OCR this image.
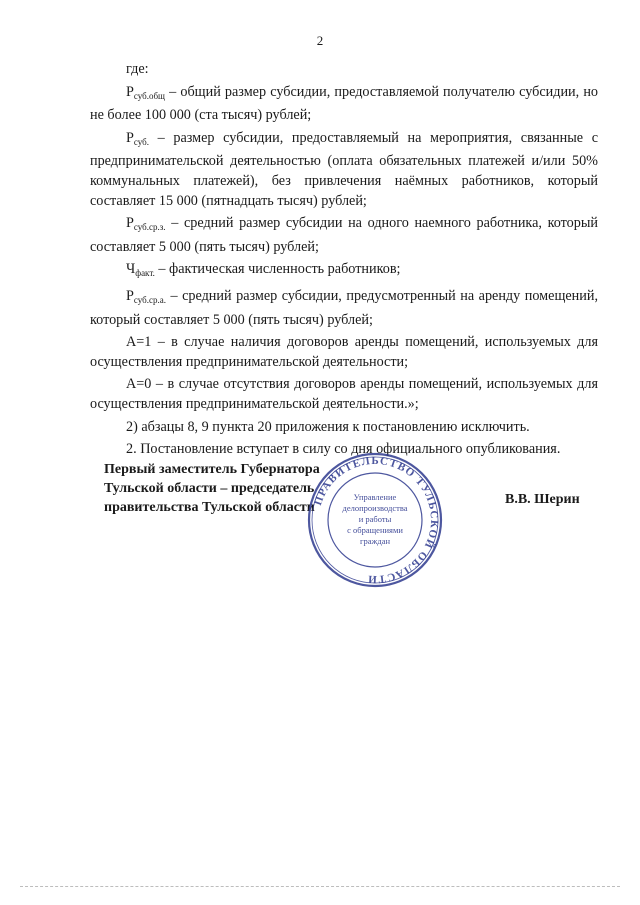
2

где:

$Р_{суб.общ}$ – общий размер субсидии, предоставляемой получателю субсидии, но не более 100 000 (ста тысяч) рублей;

$Р_{суб.}$ – размер субсидии, предоставляемый на мероприятия, связанные с предпринимательской деятельностью (оплата обязательных платежей и/или 50% коммунальных платежей), без привлечения наёмных работников, который составляет 15 000 (пятнадцать тысяч) рублей;

$Р_{суб.ср.з.}$ – средний размер субсидии на одного наемного работника, который составляет 5 000 (пять тысяч) рублей;

$Ч_{факт.}$ – фактическая численность работников;

$Р_{суб.ср.а.}$ – средний размер субсидии, предусмотренный на аренду помещений, который составляет 5 000 (пять тысяч) рублей;

А=1 – в случае наличия договоров аренды помещений, используемых для осуществления предпринимательской деятельности;

А=0 – в случае отсутствия договоров аренды помещений, используемых для осуществления предпринимательской деятельности.»;

2) абзацы 8, 9 пункта 20 приложения к постановлению исключить.

2. Постановление вступает в силу со дня официального опубликования.

Первый заместитель Губернатора
Тульской области – председатель
правительства Тульской области
ПРАВИТЕЛЬСТВО ТУЛЬСКОЙ ОБЛАСТИ
Управление
делопроизводства
и работы
с обращениями
граждан
В.В. Шерин
